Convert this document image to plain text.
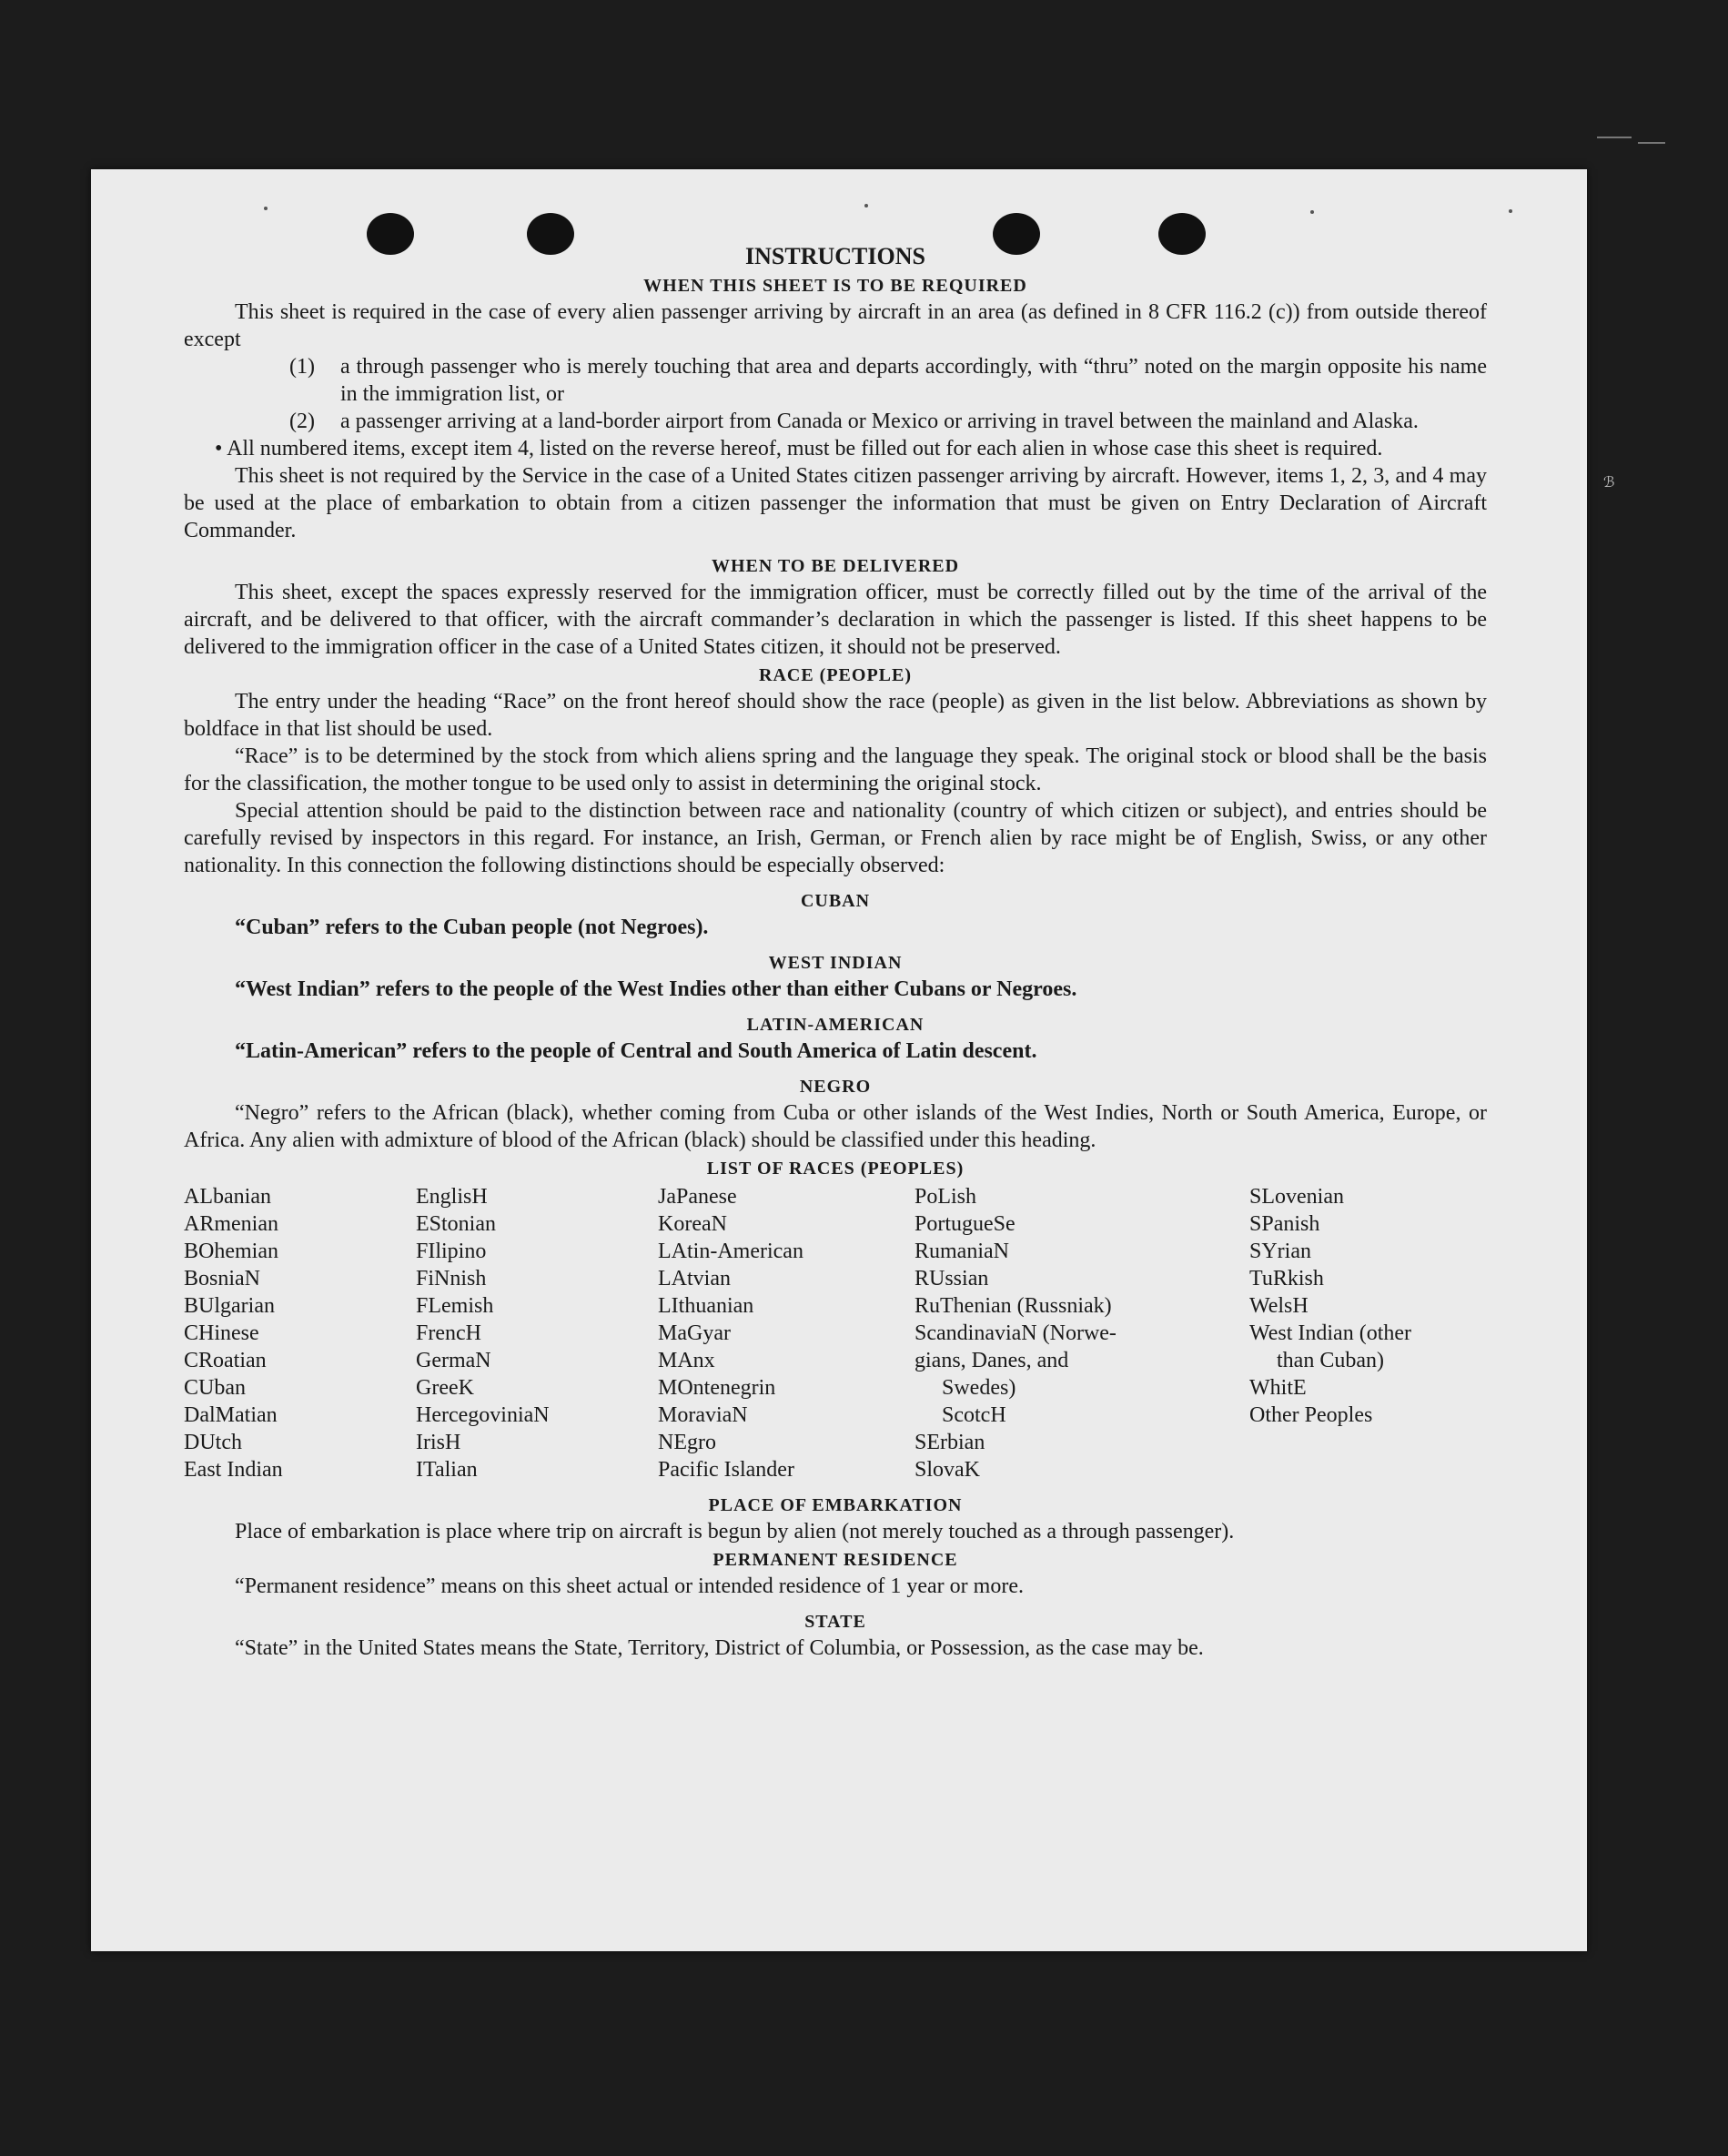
ℬ
INSTRUCTIONS
WHEN THIS SHEET IS TO BE REQUIRED

This sheet is required in the case of every alien passenger arriving by aircraft in an area (as defined in 8 CFR 116.2 (c)) from outside thereof except

(1)	a through passenger who is merely touching that area and departs accordingly, with “thru” noted on the margin opposite his name in the immigration list, or
(2)	a passenger arriving at a land-border airport from Canada or Mexico or arriving in travel between the mainland and Alaska.

• All numbered items, except item 4, listed on the reverse hereof, must be filled out for each alien in whose case this sheet is required.

This sheet is not required by the Service in the case of a United States citizen passenger arriving by aircraft. However, items 1, 2, 3, and 4 may be used at the place of embarkation to obtain from a citizen passenger the information that must be given on Entry Declaration of Aircraft Commander.

WHEN TO BE DELIVERED

This sheet, except the spaces expressly reserved for the immigration officer, must be correctly filled out by the time of the arrival of the aircraft, and be delivered to that officer, with the aircraft commander’s declaration in which the passenger is listed. If this sheet happens to be delivered to the immigration officer in the case of a United States citizen, it should not be preserved.

RACE (PEOPLE)

The entry under the heading “Race” on the front hereof should show the race (people) as given in the list below. Abbreviations as shown by boldface in that list should be used.

“Race” is to be determined by the stock from which aliens spring and the language they speak. The original stock or blood shall be the basis for the classification, the mother tongue to be used only to assist in determining the original stock.

Special attention should be paid to the distinction between race and nationality (country of which citizen or subject), and entries should be carefully revised by inspectors in this regard. For instance, an Irish, German, or French alien by race might be of English, Swiss, or any other nationality. In this connection the following distinctions should be especially observed:

CUBAN

“Cuban” refers to the Cuban people (not Negroes).

WEST INDIAN

“West Indian” refers to the people of the West Indies other than either Cubans or Negroes.

LATIN-AMERICAN

“Latin-American” refers to the people of Central and South America of Latin descent.

NEGRO

“Negro” refers to the African (black), whether coming from Cuba or other islands of the West Indies, North or South America, Europe, or Africa. Any alien with admixture of blood of the African (black) should be classified under this heading.

LIST OF RACES (PEOPLES)
ALbanian
ARmenian
BOhemian
BosniaN
BUlgarian
CHinese
CRoatian
CUban
DalMatian
DUtch
East Indian
EnglisH
EStonian
FIlipino
FiNnish
FLemish
FrencH
GermaN
GreeK
HercegoviniaN
IrisH
ITalian
JaPanese
KoreaN
LAtin-American
LAtvian
LIthuanian
MaGyar
MAnx
MOntenegrin
MoraviaN
NEgro
Pacific Islander
PoLish
PortugueSe
RumaniaN
RUssian
RuThenian (Russniak)
ScandinaviaN (Norwe-
gians, Danes, and
Swedes)
ScotcH
SErbian
SlovaK
SLovenian
SPanish
SYrian
TuRkish
WelsH
West Indian (other
than Cuban)
WhitE
Other Peoples
PLACE OF EMBARKATION

Place of embarkation is place where trip on aircraft is begun by alien (not merely touched as a through passenger).

PERMANENT RESIDENCE

“Permanent residence” means on this sheet actual or intended residence of 1 year or more.

STATE

“State” in the United States means the State, Territory, District of Columbia, or Possession, as the case may be.
